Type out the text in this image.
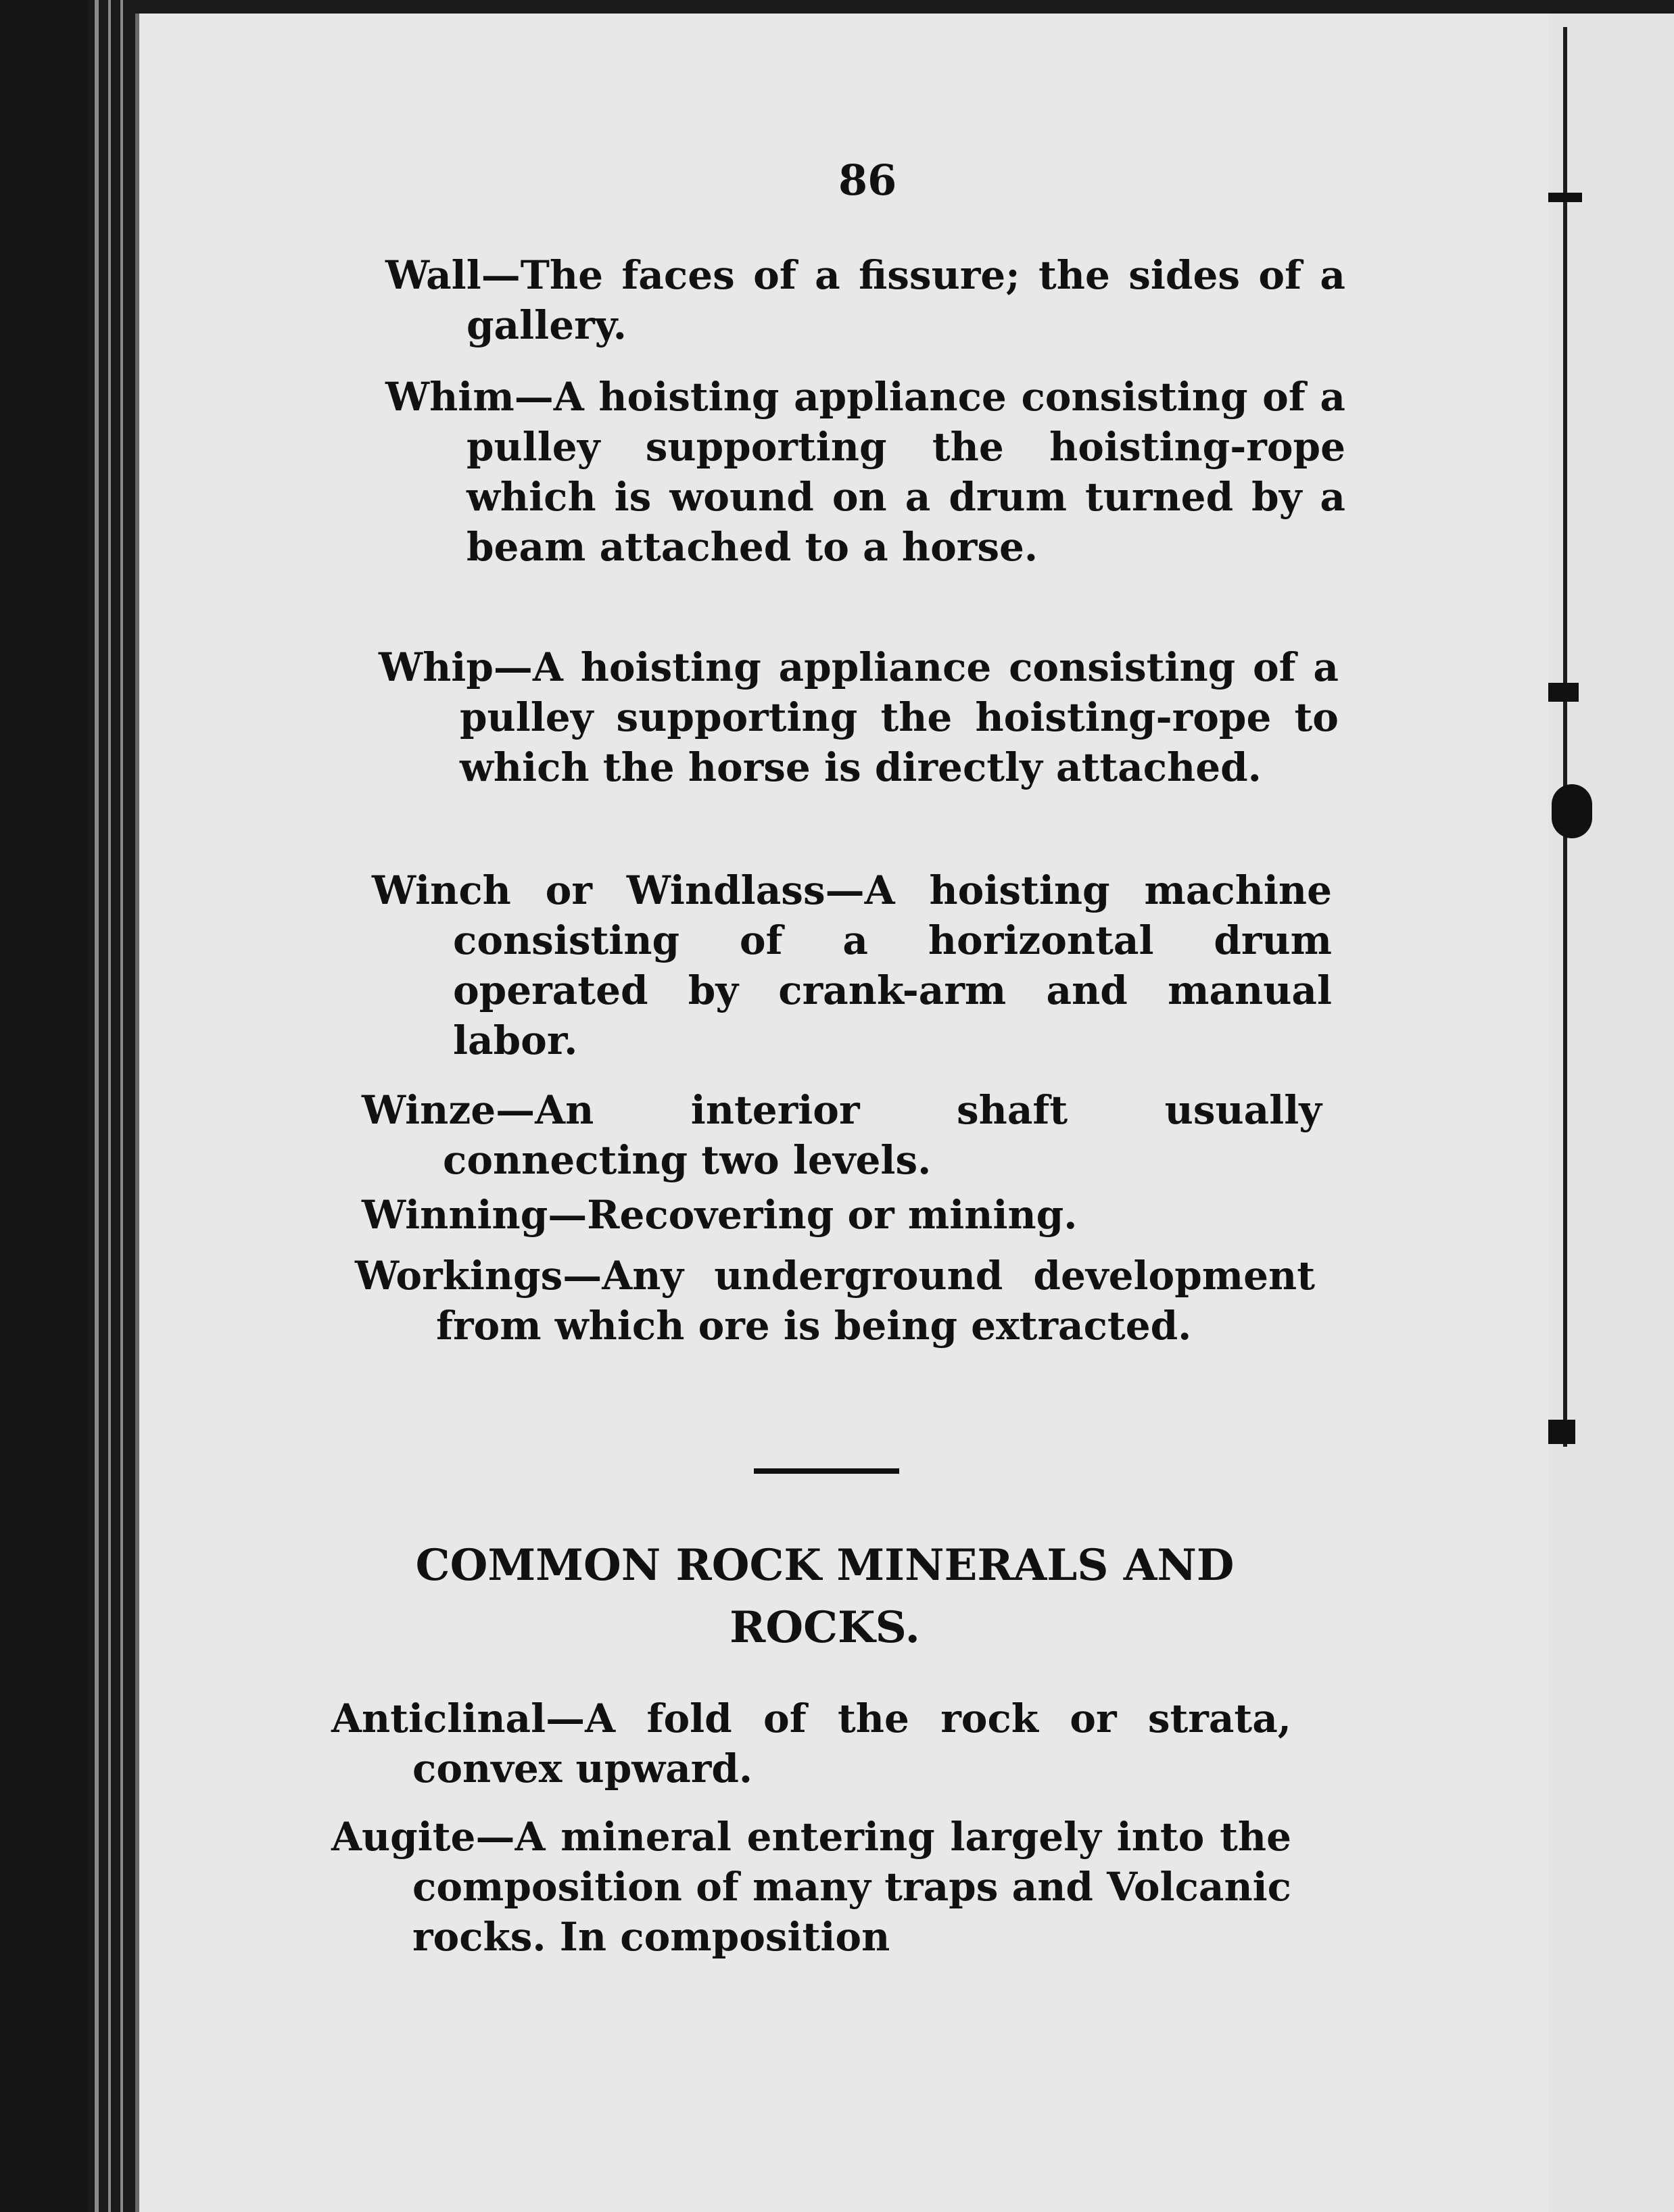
86
Wall—The faces of a fissure; the sides of a gallery.
Whim—A hoisting appliance consisting of a pulley supporting the hoisting-rope which is wound on a drum turned by a beam attached to a horse.
Whip—A hoisting appliance consisting of a pulley supporting the hoisting-rope to which the horse is directly attached.
Winch or Windlass—A hoisting machine consisting of a horizontal drum operated by crank-arm and manual labor.
Winze—An interior shaft usually connecting two levels.
Winning—Recovering or mining.
Workings—Any underground development from which ore is being extracted.
COMMON ROCK MINERALS AND ROCKS.
Anticlinal—A fold of the rock or strata, convex upward.
Augite—A mineral entering largely into the composition of many traps and Volcanic rocks. In composition
